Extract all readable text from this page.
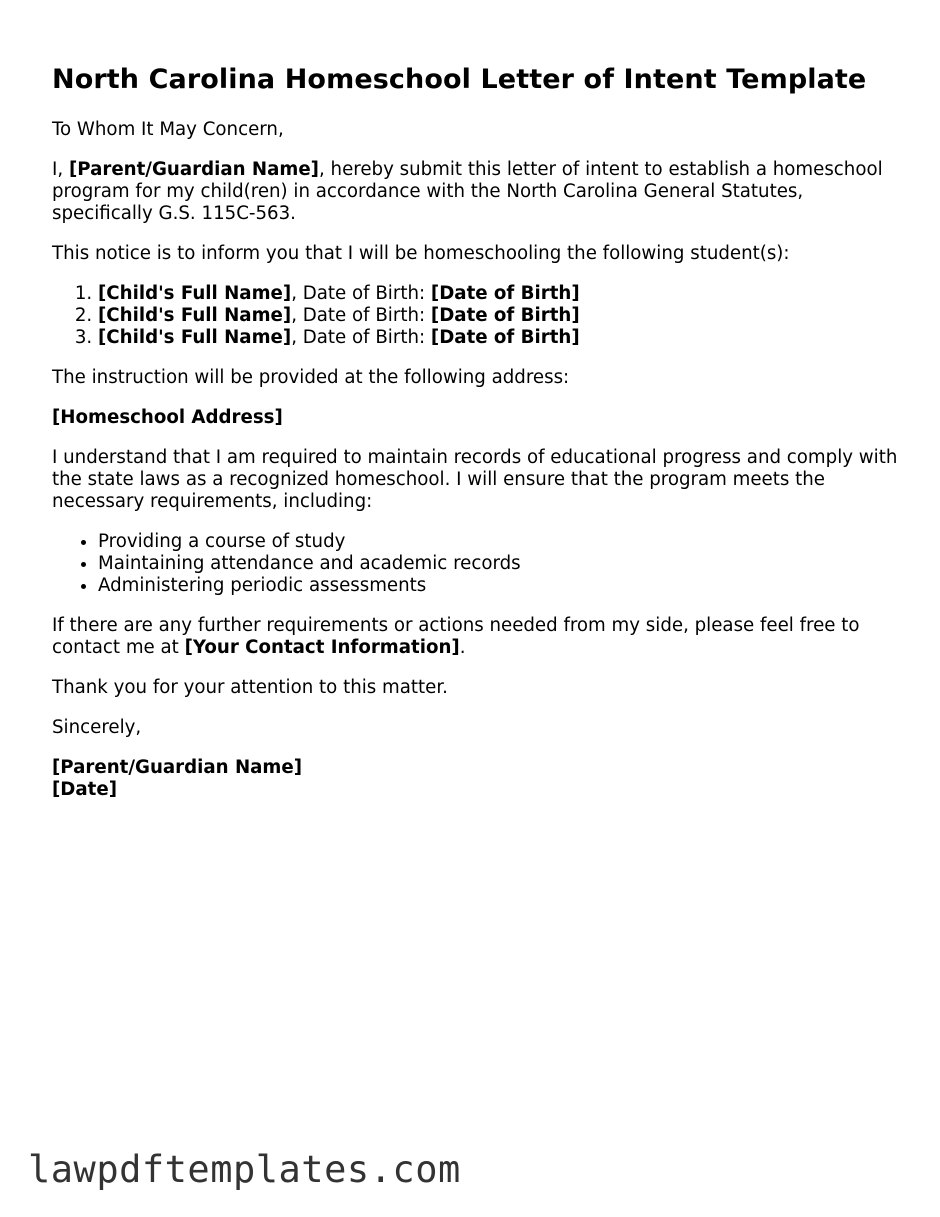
North Carolina Homeschool Letter of Intent Template

To Whom It May Concern,

I, [Parent/Guardian Name], hereby submit this letter of intent to establish a homeschool program for my child(ren) in accordance with the North Carolina General Statutes, specifically G.S. 115C-563.

This notice is to inform you that I will be homeschooling the following student(s):

1. [Child's Full Name], Date of Birth: [Date of Birth]
2. [Child's Full Name], Date of Birth: [Date of Birth]
3. [Child's Full Name], Date of Birth: [Date of Birth]

The instruction will be provided at the following address:

[Homeschool Address]

I understand that I am required to maintain records of educational progress and comply with the state laws as a recognized homeschool. I will ensure that the program meets the necessary requirements, including:

• Providing a course of study
• Maintaining attendance and academic records
• Administering periodic assessments

If there are any further requirements or actions needed from my side, please feel free to contact me at [Your Contact Information].

Thank you for your attention to this matter.

Sincerely,

[Parent/Guardian Name]

[Date]

lawpdftemplates.com
